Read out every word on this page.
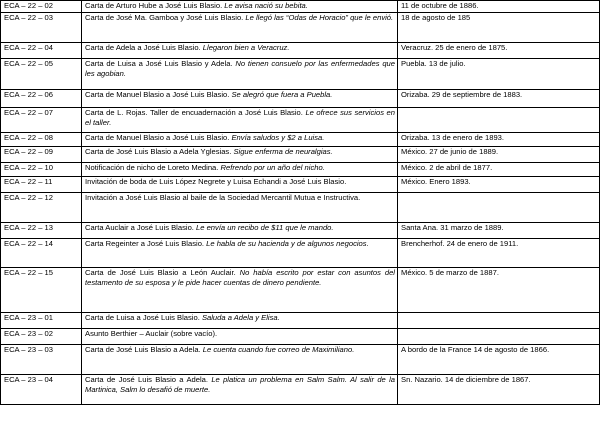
ECA – 22 – 02	Carta de Arturo Hube a José Luis Blasio. Le avisa nació su bebita.	11 de octubre de 1886.
ECA – 22 – 03	Carta de José Ma. Gamboa y José Luis Blasio. Le llegó las “Odas de Horacio” que le envió.	18 de agosto de 185
ECA – 22 – 04	Carta de Adela a José Luis Blasio. Llegaron bien a Veracruz.	Veracruz. 25 de enero de 1875.
ECA – 22 – 05	Carta de Luisa a José Luis Blasio y Adela. No tienen consuelo por las enfermedades que les agobian.	Puebla. 13 de julio.
ECA – 22 – 06	Carta de Manuel Blasio a José Luis Blasio. Se alegró que fuera a Puebla.	Orizaba. 29 de septiembre de 1883.
ECA – 22 – 07	Carta de L. Rojas. Taller de encuadernación a José Luis Blasio. Le ofrece sus servicios en el taller.	
ECA – 22 – 08	Carta de Manuel Blasio a José Luis Blasio. Envía saludos y $2 a Luisa.	Orizaba. 13 de enero de 1893.
ECA – 22 – 09	Carta de José Luis Blasio a Adela Yglesias. Sigue enferma de neuralgias.	México. 27 de junio de 1889.
ECA – 22 – 10	Notificación de nicho de Loreto Medina. Refrendo por un año del nicho.	México. 2 de abril de 1877.
ECA – 22 – 11	Invitación de boda de Luis López Negrete y Luisa Echandi a José Luis Blasio.	México. Enero 1893.
ECA – 22 – 12	Invitación a José Luis Blasio al baile de la Sociedad Mercantil Mutua e Instructiva.	
ECA – 22 – 13	Carta Auclair a José Luis Blasio. Le envía un recibo de $11 que le mando.	Santa Ana. 31 marzo de 1889.
ECA – 22 – 14	Carta Regeinter a José Luis Blasio. Le habla de su hacienda y de algunos negocios.	Brencherhof. 24 de enero de 1911.
ECA – 22 – 15	Carta de José Luis Blasio a León Auclair. No había escrito por estar con asuntos del testamento de su esposa y le pide hacer cuentas de dinero pendiente.	México. 5 de marzo de 1887.
ECA – 23 – 01	Carta de Luisa a José Luis Blasio. Saluda a Adela y Elisa.	
ECA – 23 – 02	Asunto Berthier – Auclair (sobre vacío).	
ECA – 23 – 03	Carta de José Luis Blasio a Adela. Le cuenta cuando fue correo de Maximiliano.	A bordo de la France 14 de agosto de 1866.
ECA – 23 – 04	Carta de José Luis Blasio a Adela. Le platica un problema en Salm Salm. Al salir de la Martinica, Salm lo desafió de muerte.	Sn. Nazario. 14 de diciembre de 1867.
